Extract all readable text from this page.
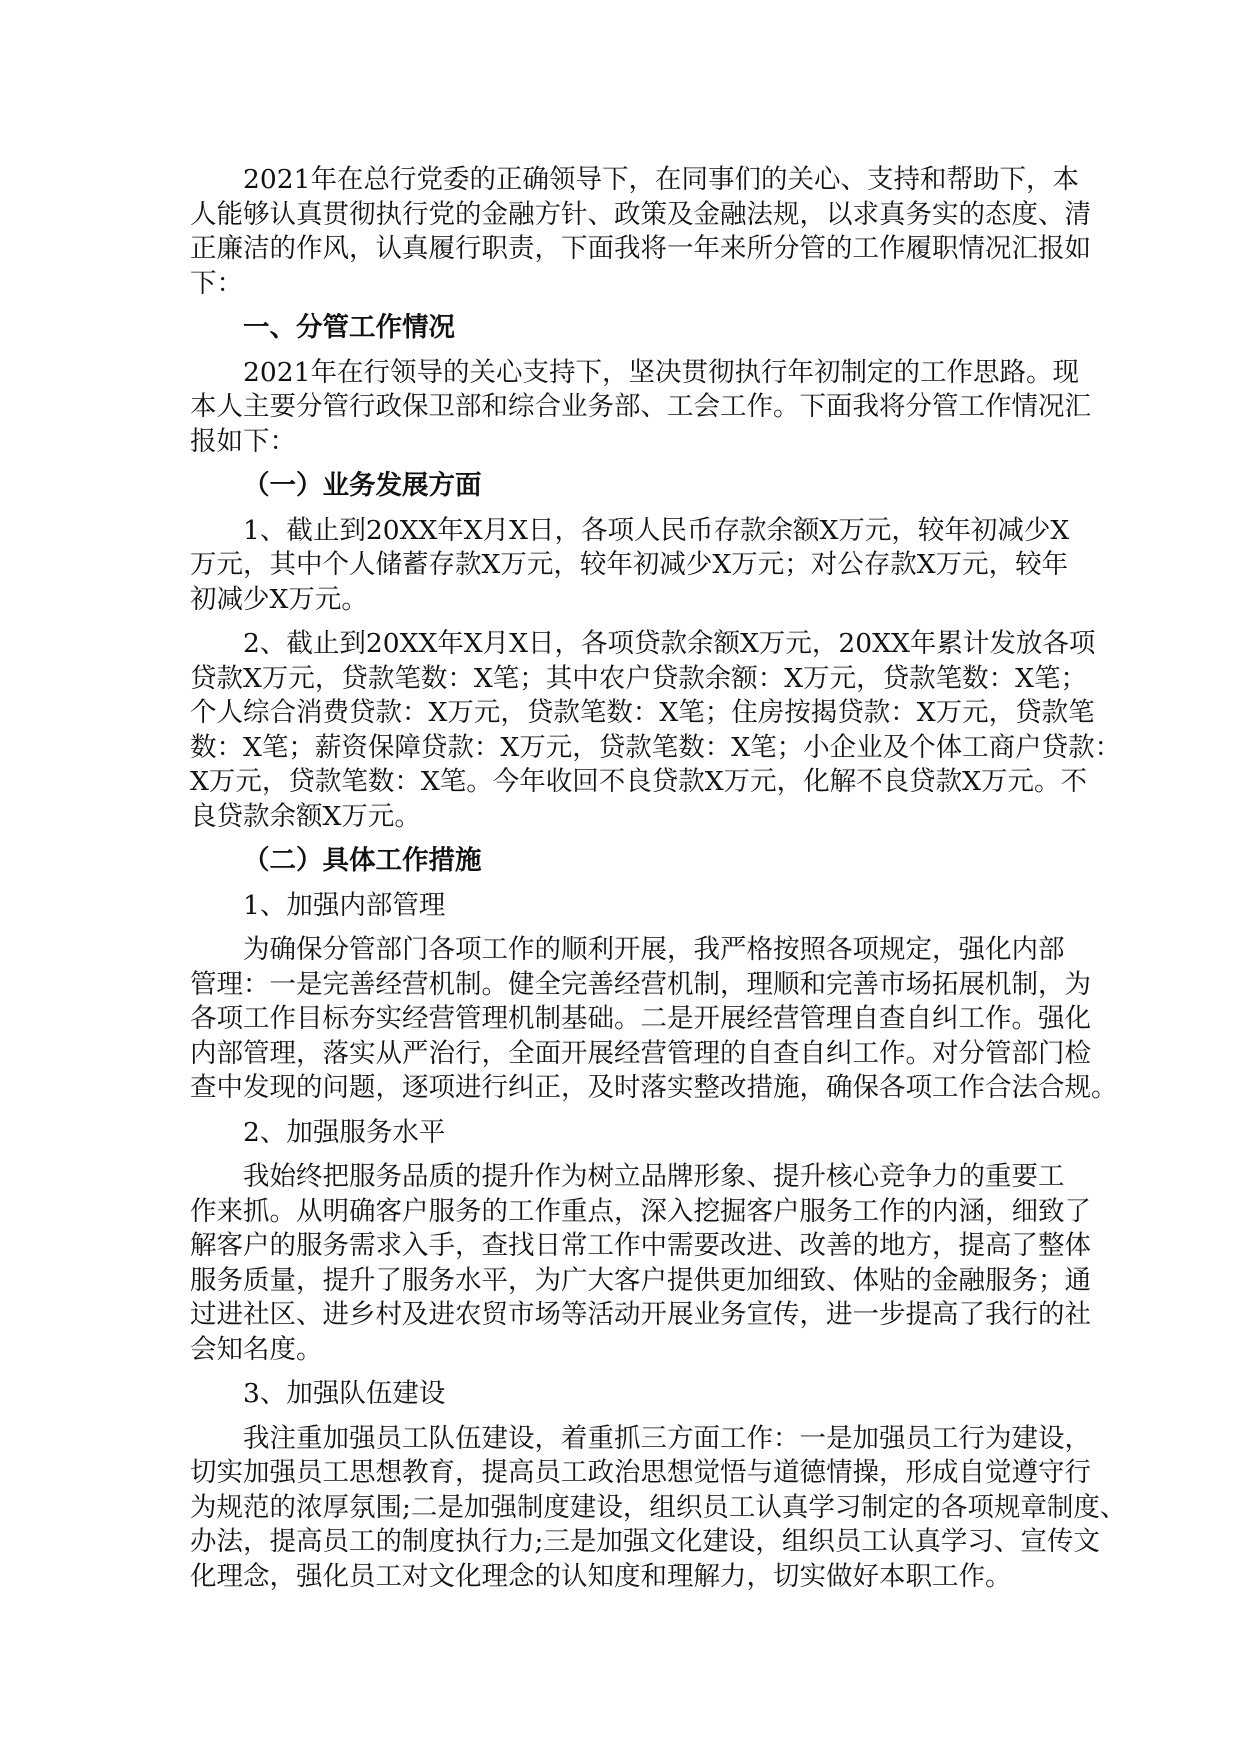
2021年在总行党委的正确领导下，在同事们的关心、支持和帮助下，本
人能够认真贯彻执行党的金融方针、政策及金融法规，以求真务实的态度、清
正廉洁的作风，认真履行职责，下面我将一年来所分管的工作履职情况汇报如
下：
一、分管工作情况
2021年在行领导的关心支持下，坚决贯彻执行年初制定的工作思路。现
本人主要分管行政保卫部和综合业务部、工会工作。下面我将分管工作情况汇
报如下：
（一）业务发展方面
1、截止到20XX年X月X日，各项人民币存款余额X万元，较年初减少X
万元，其中个人储蓄存款X万元，较年初减少X万元；对公存款X万元，较年
初减少X万元。
2、截止到20XX年X月X日，各项贷款余额X万元，20XX年累计发放各项
贷款X万元，贷款笔数：X笔；其中农户贷款余额：X万元，贷款笔数：X笔；
个人综合消费贷款：X万元，贷款笔数：X笔；住房按揭贷款：X万元，贷款笔
数：X笔；薪资保障贷款：X万元，贷款笔数：X笔；小企业及个体工商户贷款：
X万元，贷款笔数：X笔。今年收回不良贷款X万元，化解不良贷款X万元。不
良贷款余额X万元。
（二）具体工作措施
1、加强内部管理
为确保分管部门各项工作的顺利开展，我严格按照各项规定，强化内部
管理：一是完善经营机制。健全完善经营机制，理顺和完善市场拓展机制，为
各项工作目标夯实经营管理机制基础。二是开展经营管理自查自纠工作。强化
内部管理，落实从严治行，全面开展经营管理的自查自纠工作。对分管部门检
查中发现的问题，逐项进行纠正，及时落实整改措施，确保各项工作合法合规。
2、加强服务水平
我始终把服务品质的提升作为树立品牌形象、提升核心竞争力的重要工
作来抓。从明确客户服务的工作重点，深入挖掘客户服务工作的内涵，细致了
解客户的服务需求入手，查找日常工作中需要改进、改善的地方，提高了整体
服务质量，提升了服务水平，为广大客户提供更加细致、体贴的金融服务；通
过进社区、进乡村及进农贸市场等活动开展业务宣传，进一步提高了我行的社
会知名度。
3、加强队伍建设
我注重加强员工队伍建设，着重抓三方面工作：一是加强员工行为建设，
切实加强员工思想教育，提高员工政治思想觉悟与道德情操，形成自觉遵守行
为规范的浓厚氛围;二是加强制度建设，组织员工认真学习制定的各项规章制度、
办法，提高员工的制度执行力;三是加强文化建设，组织员工认真学习、宣传文
化理念，强化员工对文化理念的认知度和理解力，切实做好本职工作。
